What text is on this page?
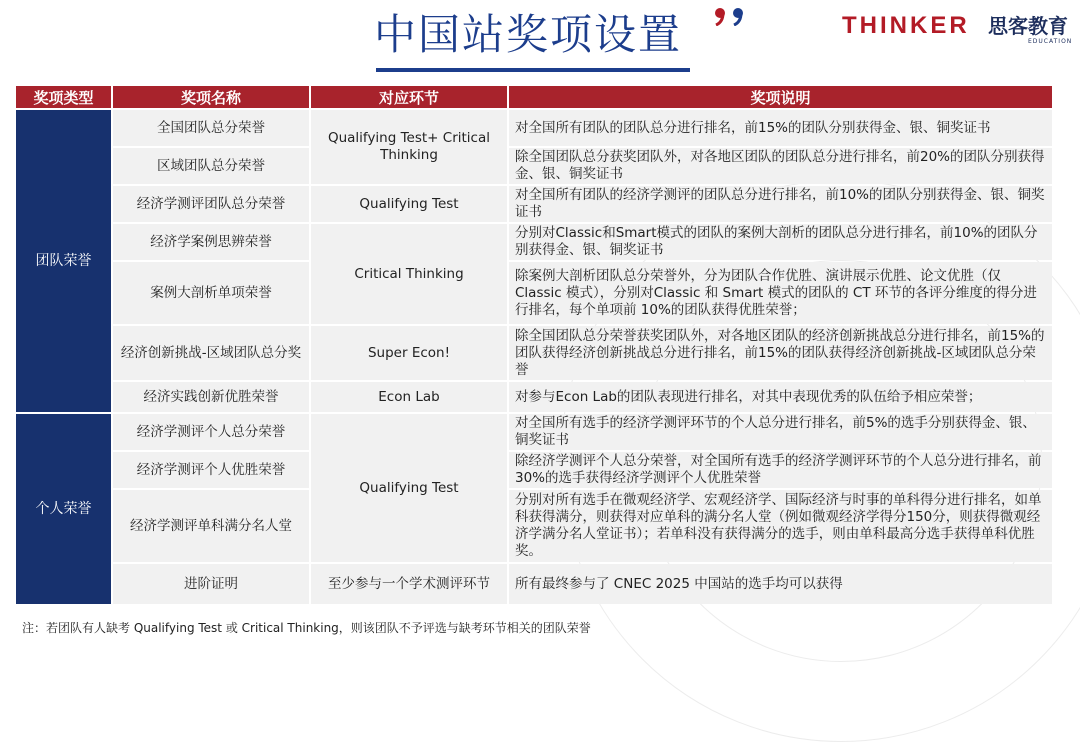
中国站奖项设置	THINKER 思客教育
EDUCATION
奖项类型	奖项名称	对应环节	奖项说明
团队荣誉	全国团队总分荣誉	Qualifying Test+ Critical Thinking	对全国所有团队的团队总分进行排名，前15%的团队分别获得金、银、铜奖证书
	区域团队总分荣誉		除全国团队总分获奖团队外，对各地区团队的团队总分进行排名，前20%的团队分别获得金、银、铜奖证书
	经济学测评团队总分荣誉	Qualifying Test	对全国所有团队的经济学测评的团队总分进行排名，前10%的团队分别获得金、银、铜奖证书
	经济学案例思辨荣誉	Critical Thinking	分别对Classic和Smart模式的团队的案例大剖析的团队总分进行排名，前10%的团队分别获得金、银、铜奖证书
	案例大剖析单项荣誉		除案例大剖析团队总分荣誉外，分为团队合作优胜、演讲展示优胜、论文优胜（仅Classic 模式），分别对Classic 和 Smart 模式的团队的 CT 环节的各评分维度的得分进行排名，每个单项前 10%的团队获得优胜荣誉；
	经济创新挑战-区域团队总分奖	Super Econ!	除全国团队总分荣誉获奖团队外，对各地区团队的经济创新挑战总分进行排名，前15%的团队获得经济创新挑战总分进行排名，前15%的团队获得经济创新挑战-区域团队总分荣誉
	经济实践创新优胜荣誉	Econ Lab	对参与Econ Lab的团队表现进行排名，对其中表现优秀的队伍给予相应荣誉；
个人荣誉	经济学测评个人总分荣誉	Qualifying Test	对全国所有选手的经济学测评环节的个人总分进行排名，前5%的选手分别获得金、银、铜奖证书
	经济学测评个人优胜荣誉		除经济学测评个人总分荣誉，对全国所有选手的经济学测评环节的个人总分进行排名，前30%的选手获得经济学测评个人优胜荣誉
	经济学测评单科满分名人堂		分别对所有选手在微观经济学、宏观经济学、国际经济与时事的单科得分进行排名，如单科获得满分，则获得对应单科的满分名人堂（例如微观经济学得分150分，则获得微观经济学满分名人堂证书）；若单科没有获得满分的选手，则由单科最高分选手获得单科优胜奖。
	进阶证明	至少参与一个学术测评环节	所有最终参与了 CNEC 2025 中国站的选手均可以获得
注：若团队有人缺考 Qualifying Test 或 Critical Thinking，则该团队不予评选与缺考环节相关的团队荣誉
